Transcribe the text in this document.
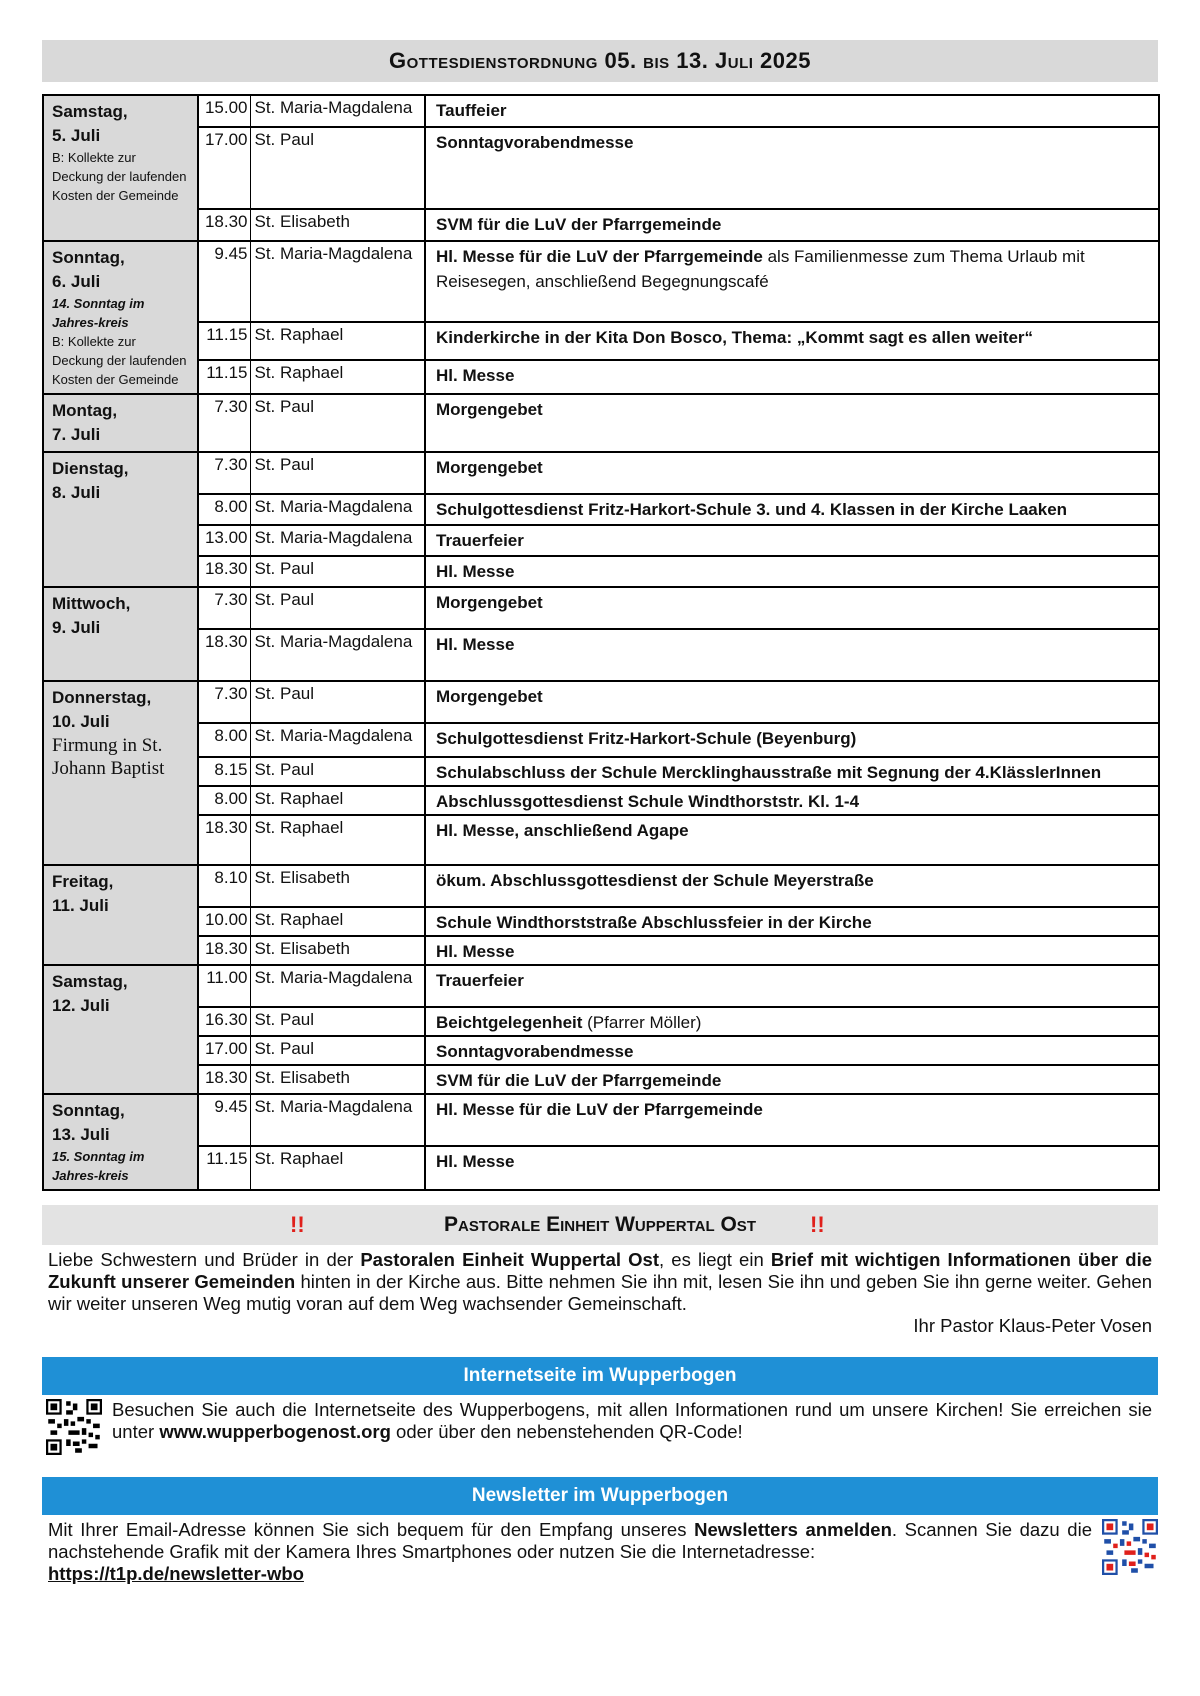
Gottesdienstordnung 05. bis 13. Juli 2025
Samstag,
5. Juli
B: Kollekte zur Deckung der laufenden Kosten der Gemeinde	15.00	St. Maria-Magdalena	Tauffeier
	17.00	St. Paul	Sonntagvorabendmesse
	18.30	St. Elisabeth	SVM für die LuV der Pfarrgemeinde

Sonntag,
6. Juli
14. Sonntag im Jahres-kreis
B: Kollekte zur Deckung der laufenden Kosten der Gemeinde	9.45	St. Maria-Magdalena	Hl. Messe für die LuV der Pfarrgemeinde als Familienmesse zum Thema Urlaub mit Reisesegen, anschließend Begegnungscafé
	11.15	St. Raphael	Kinderkirche in der Kita Don Bosco, Thema: „Kommt sagt es allen weiter“
	11.15	St. Raphael	Hl. Messe

Montag,
7. Juli	7.30	St. Paul	Morgengebet

Dienstag,
8. Juli	7.30	St. Paul	Morgengebet
	8.00	St. Maria-Magdalena	Schulgottesdienst Fritz-Harkort-Schule 3. und 4. Klassen in der Kirche Laaken
	13.00	St. Maria-Magdalena	Trauerfeier
	18.30	St. Paul	Hl. Messe

Mittwoch,
9. Juli	7.30	St. Paul	Morgengebet
	18.30	St. Maria-Magdalena	Hl. Messe

Donnerstag,
10. Juli
Firmung in St. Johann Baptist	7.30	St. Paul	Morgengebet
	8.00	St. Maria-Magdalena	Schulgottesdienst Fritz-Harkort-Schule (Beyenburg)
	8.15	St. Paul	Schulabschluss der Schule Mercklinghausstraße mit Segnung der 4.KlässlerInnen
	8.00	St. Raphael	Abschlussgottesdienst Schule Windthorststr. Kl. 1-4
	18.30	St. Raphael	Hl. Messe, anschließend Agape

Freitag,
11. Juli	8.10	St. Elisabeth	ökum. Abschlussgottesdienst der Schule Meyerstraße
	10.00	St. Raphael	Schule Windthorststraße Abschlussfeier in der Kirche
	18.30	St. Elisabeth	Hl. Messe

Samstag,
12. Juli	11.00	St. Maria-Magdalena	Trauerfeier
	16.30	St. Paul	Beichtgelegenheit (Pfarrer Möller)
	17.00	St. Paul	Sonntagvorabendmesse
	18.30	St. Elisabeth	SVM für die LuV der Pfarrgemeinde

Sonntag,
13. Juli
15. Sonntag im Jahres-kreis	9.45	St. Maria-Magdalena	Hl. Messe für die LuV der Pfarrgemeinde
	11.15	St. Raphael	Hl. Messe
!!	Pastorale Einheit Wuppertal Ost !!
Liebe Schwestern und Brüder in der Pastoralen Einheit Wuppertal Ost, es liegt ein Brief mit wichtigen Informationen über die Zukunft unserer Gemeinden hinten in der Kirche aus. Bitte nehmen Sie ihn mit, lesen Sie ihn und geben Sie ihn gerne weiter. Gehen wir weiter unseren Weg mutig voran auf dem Weg wachsender Gemeinschaft.
Ihr Pastor Klaus-Peter Vosen
Internetseite im Wupperbogen
Besuchen Sie auch die Internetseite des Wupperbogens, mit allen Informationen rund um unsere Kirchen! Sie erreichen sie unter www.wupperbogenost.org oder über den nebenstehenden QR-Code!
Newsletter im Wupperbogen
Mit Ihrer Email-Adresse können Sie sich bequem für den Empfang unseres Newsletters anmelden. Scannen Sie dazu die nachstehende Grafik mit der Kamera Ihres Smartphones oder nutzen Sie die Internetadresse:
https://t1p.de/newsletter-wbo
